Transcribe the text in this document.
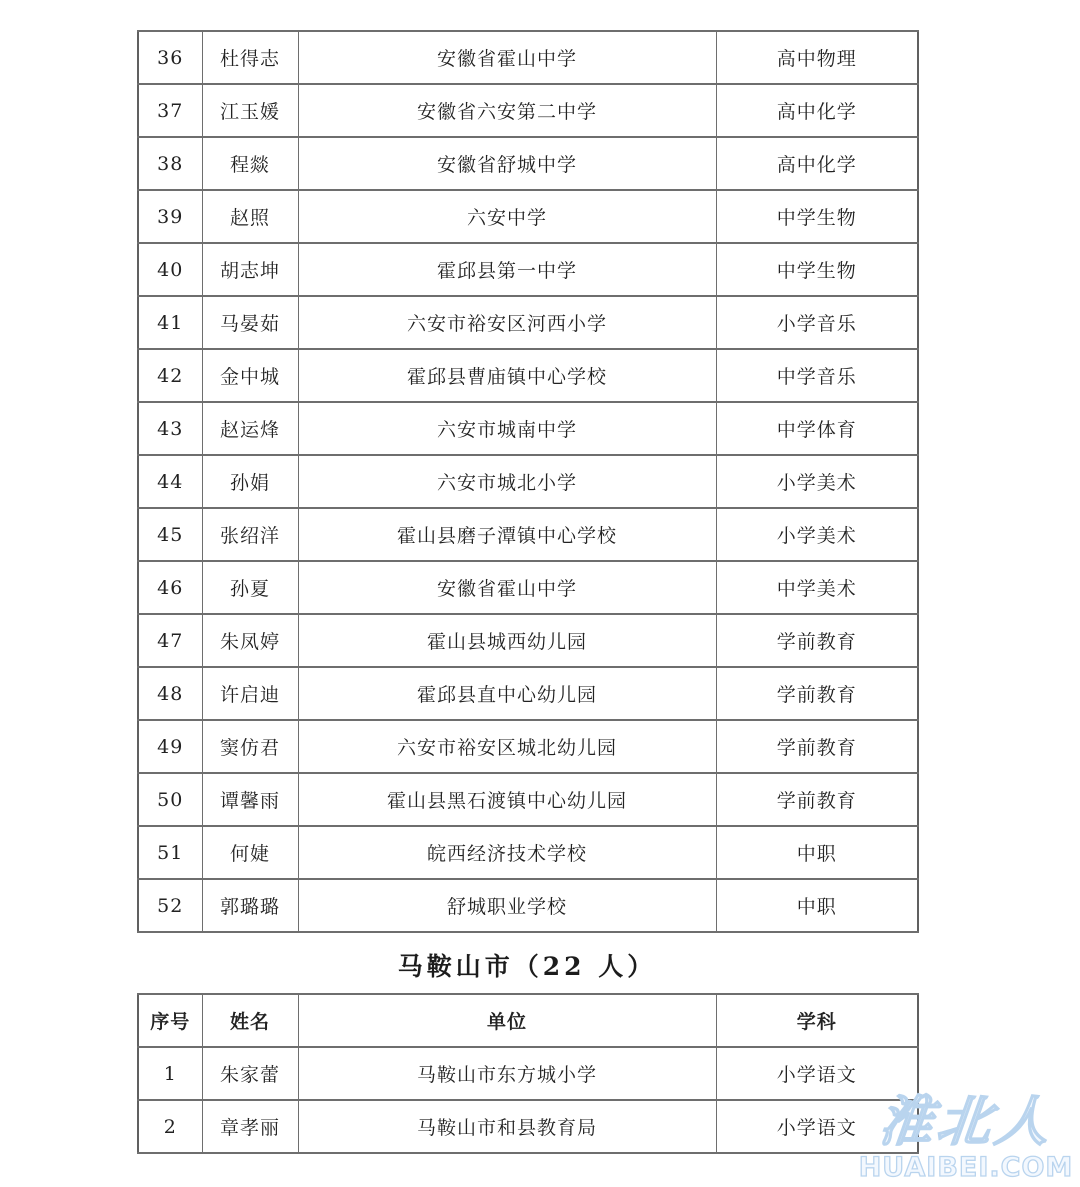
36	杜得志	安徽省霍山中学	高中物理
37	江玉媛	安徽省六安第二中学	高中化学
38	程燚	安徽省舒城中学	高中化学
39	赵照	六安中学	中学生物
40	胡志坤	霍邱县第一中学	中学生物
41	马晏茹	六安市裕安区河西小学	小学音乐
42	金中城	霍邱县曹庙镇中心学校	中学音乐
43	赵运烽	六安市城南中学	中学体育
44	孙娟	六安市城北小学	小学美术
45	张绍洋	霍山县磨子潭镇中心学校	小学美术
46	孙夏	安徽省霍山中学	中学美术
47	朱凤婷	霍山县城西幼儿园	学前教育
48	许启迪	霍邱县直中心幼儿园	学前教育
49	窦仿君	六安市裕安区城北幼儿园	学前教育
50	谭馨雨	霍山县黑石渡镇中心幼儿园	学前教育
51	何婕	皖西经济技术学校	中职
52	郭璐璐	舒城职业学校	中职
马鞍山市（22 人）
序号	姓名	单位	学科
1	朱家蕾	马鞍山市东方城小学	小学语文
2	章孝丽	马鞍山市和县教育局	小学语文 淮北人
HUAIBEI.COM
